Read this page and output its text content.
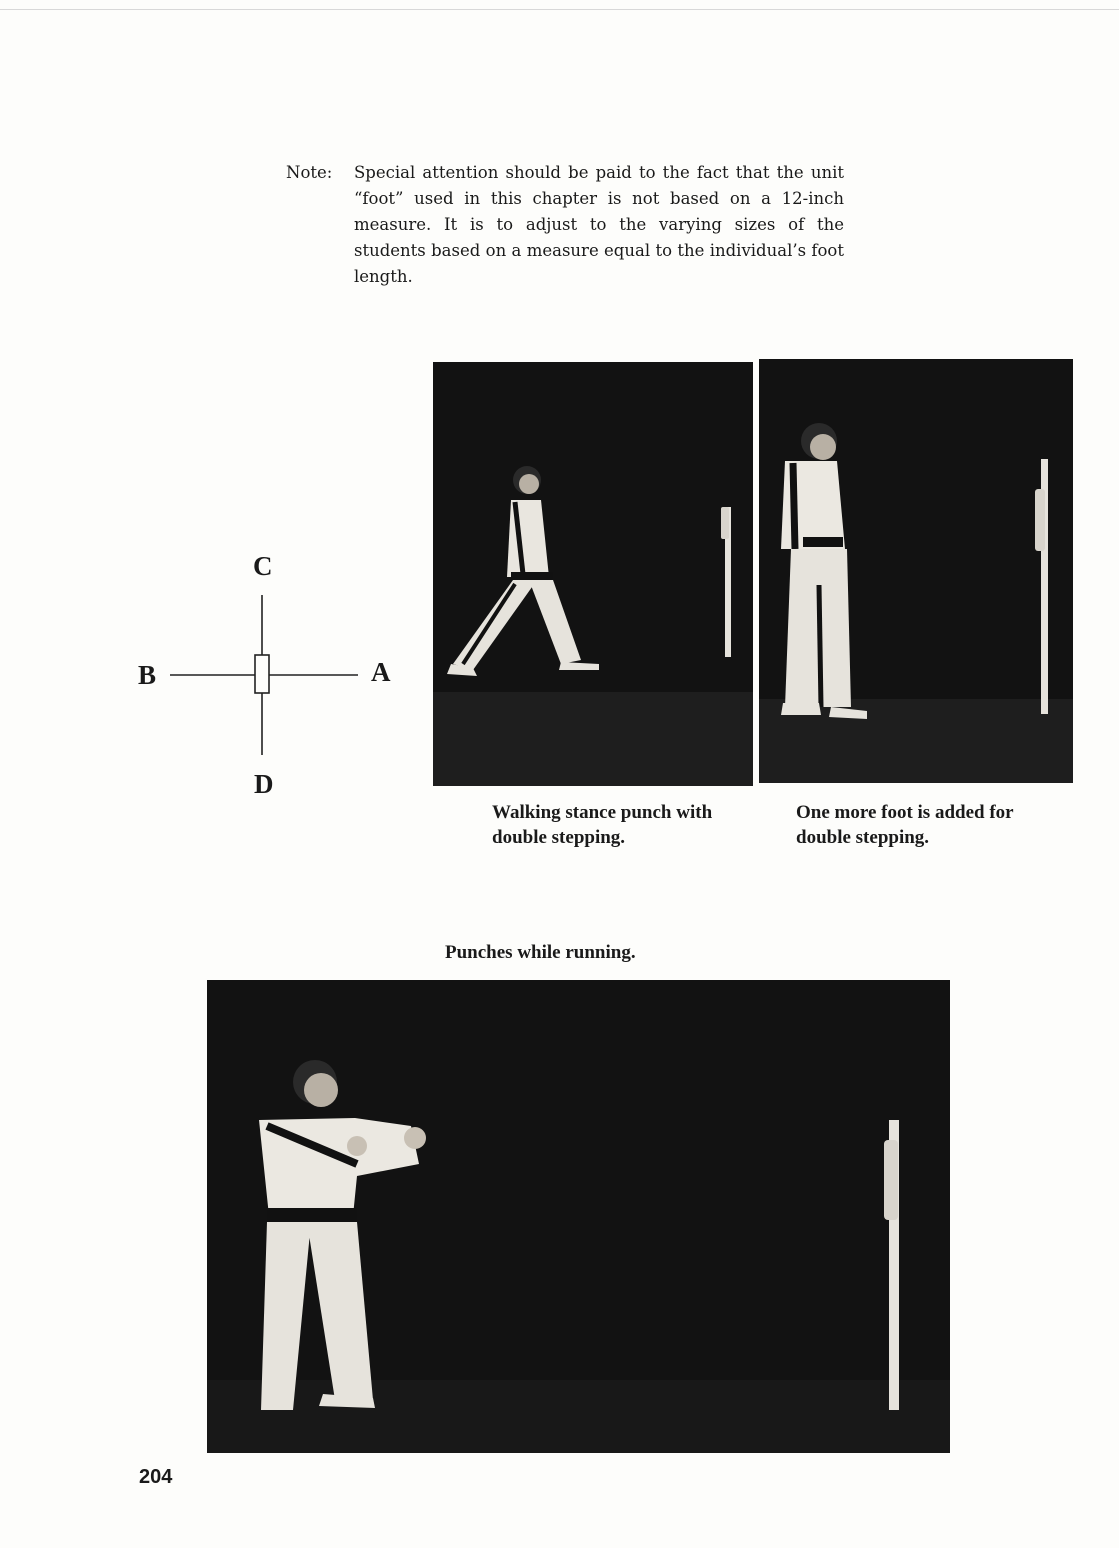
Note: Special attention should be paid to the fact that the unit “foot” used in this chapter is not based on a 12-inch measure. It is to adjust to the varying sizes of the students based on a measure equal to the individual’s foot length.
C
B	A
D
Walking stance punch with double stepping.
One more foot is added for double stepping.
Punches while running.
204
